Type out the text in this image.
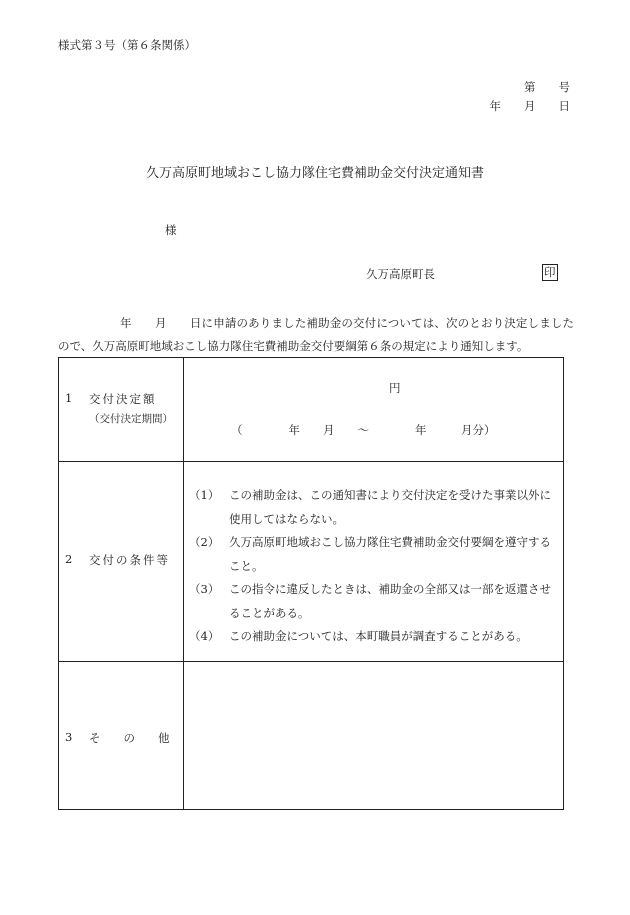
様式第３号（第６条関係）
第　　号
年　　月　　日
久万高原町地域おこし協力隊住宅費補助金交付決定通知書
様
久万高原町長	印
年　　月　　日に申請のありました補助金の交付については、次のとおり決定しましたので、久万高原町地域おこし協力隊住宅費補助金交付要綱第６条の規定により通知します。
1 交付決定額
（交付決定期間）
円
（　　　　年　　月　　～　　　　年　　　月分）
2 交付の条件等
（1） この補助金は、この通知書により交付決定を受けた事業以外に使用してはならない。
（2） 久万高原町地域おこし協力隊住宅費補助金交付要綱を遵守すること。
（3） この指令に違反したときは、補助金の全部又は一部を返還させることがある。
（4） この補助金については、本町職員が調査することがある。
3 そ　　の　　他
